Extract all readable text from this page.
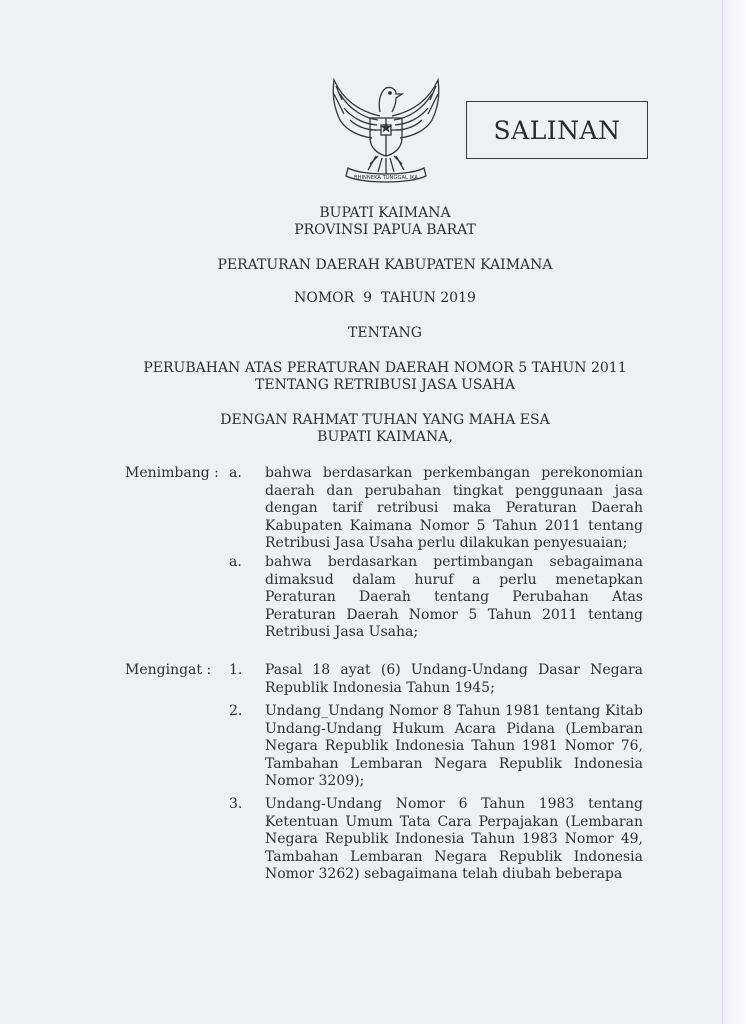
BHINNEKA TUNGGAL IKA
SALINAN
BUPATI KAIMANA
PROVINSI PAPUA BARAT
PERATURAN DAERAH KABUPATEN KAIMANA
NOMOR  9  TAHUN 2019
TENTANG
PERUBAHAN ATAS PERATURAN DAERAH NOMOR 5 TAHUN 2011
TENTANG RETRIBUSI JASA USAHA
DENGAN RAHMAT TUHAN YANG MAHA ESA
BUPATI KAIMANA,
Menimbang : a. bahwa berdasarkan perkembangan perekonomian daerah dan perubahan tingkat penggunaan jasa dengan tarif retribusi maka Peraturan Daerah Kabupaten Kaimana Nomor 5 Tahun 2011 tentang Retribusi Jasa Usaha perlu dilakukan penyesuaian;
a. bahwa berdasarkan pertimbangan sebagaimana dimaksud dalam huruf a perlu menetapkan Peraturan Daerah tentang Perubahan Atas Peraturan Daerah Nomor 5 Tahun 2011 tentang Retribusi Jasa Usaha;
Mengingat : 1. Pasal 18 ayat (6) Undang-Undang Dasar Negara Republik Indonesia Tahun 1945;
2. Undang_Undang Nomor 8 Tahun 1981 tentang Kitab Undang-Undang Hukum Acara Pidana (Lembaran Negara Republik Indonesia Tahun 1981 Nomor 76, Tambahan Lembaran Negara Republik Indonesia Nomor 3209);
3. Undang-Undang Nomor 6 Tahun 1983 tentang Ketentuan Umum Tata Cara Perpajakan (Lembaran Negara Republik Indonesia Tahun 1983 Nomor 49, Tambahan Lembaran Negara Republik Indonesia Nomor 3262) sebagaimana telah diubah beberapa
